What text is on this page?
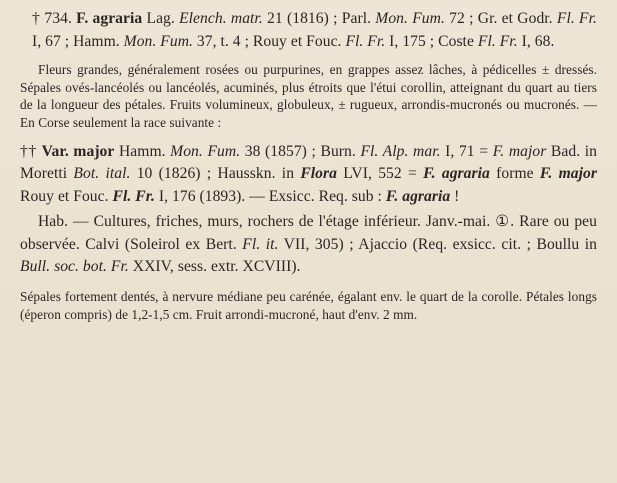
† 734. F. agraria Lag. Elench. matr. 21 (1816) ; Parl. Mon. Fum. 72 ; Gr. et Godr. Fl. Fr. I, 67 ; Hamm. Mon. Fum. 37, t. 4 ; Rouy et Fouc. Fl. Fr. I, 175 ; Coste Fl. Fr. I, 68.

Fleurs grandes, généralement rosées ou purpurines, en grappes assez lâches, à pédicelles ± dressés. Sépales ovés-lancéolés ou lancéolés, acuminés, plus étroits que l'étui corollin, atteignant du quart au tiers de la longueur des pétales. Fruits volumineux, globuleux, ± rugueux, arrondis-mucronés ou mucronés. — En Corse seulement la race suivante :

†† Var. major Hamm. Mon. Fum. 38 (1857) ; Burn. Fl. Alp. mar. I, 71 = F. major Bad. in Moretti Bot. ital. 10 (1826) ; Hausskn. in Flora LVI, 552 = F. agraria forme F. major Rouy et Fouc. Fl. Fr. I, 176 (1893). — Exsicc. Req. sub : F. agraria !

Hab. — Cultures, friches, murs, rochers de l'étage inférieur. Janv.-mai. ①. Rare ou peu observée. Calvi (Soleirol ex Bert. Fl. it. VII, 305) ; Ajaccio (Req. exsicc. cit. ; Boullu in Bull. soc. bot. Fr. XXIV, sess. extr. XCVIII).

Sépales fortement dentés, à nervure médiane peu carénée, égalant env. le quart de la corolle. Pétales longs (éperon compris) de 1,2-1,5 cm. Fruit arrondi-mucroné, haut d'env. 2 mm.
